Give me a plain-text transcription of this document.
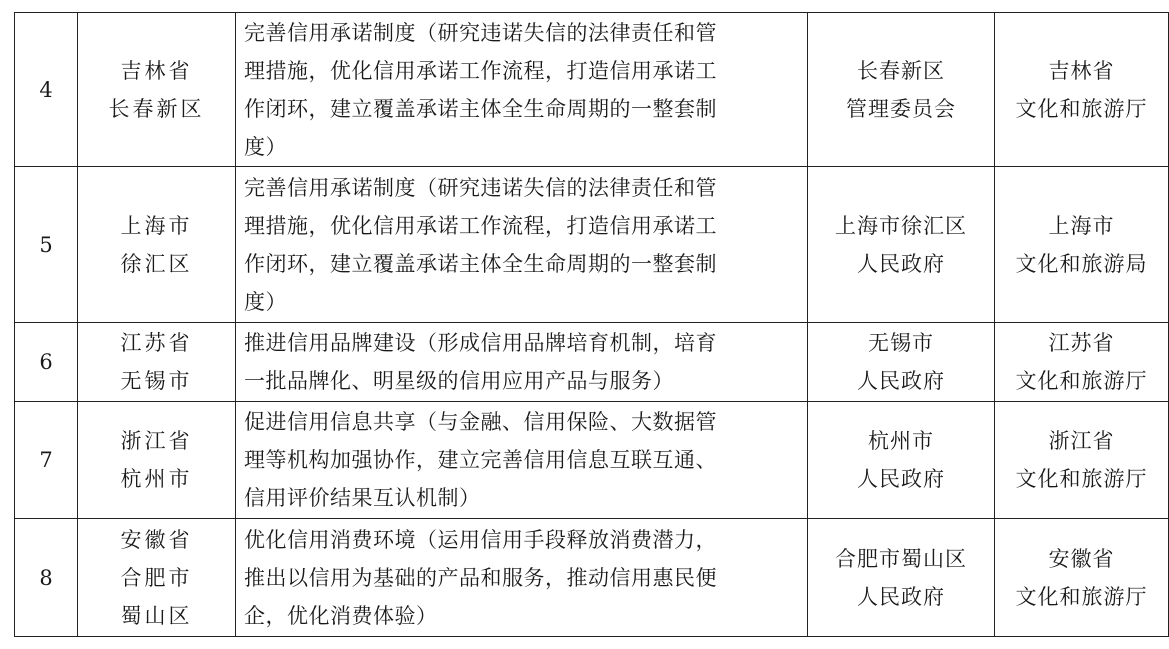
4	吉林省
长春新区	完善信用承诺制度（研究违诺失信的法律责任和管
理措施，优化信用承诺工作流程，打造信用承诺工
作闭环，建立覆盖承诺主体全生命周期的一整套制
度）	长春新区
管理委员会	吉林省
文化和旅游厅

5	上海市
徐汇区	完善信用承诺制度（研究违诺失信的法律责任和管
理措施，优化信用承诺工作流程，打造信用承诺工
作闭环，建立覆盖承诺主体全生命周期的一整套制
度）	上海市徐汇区
人民政府	上海市
文化和旅游局

6	江苏省
无锡市	推进信用品牌建设（形成信用品牌培育机制，培育
一批品牌化、明星级的信用应用产品与服务）	无锡市
人民政府	江苏省
文化和旅游厅

7	浙江省
杭州市	促进信用信息共享（与金融、信用保险、大数据管
理等机构加强协作，建立完善信用信息互联互通、
信用评价结果互认机制）	杭州市
人民政府	浙江省
文化和旅游厅

8	安徽省
合肥市
蜀山区	优化信用消费环境（运用信用手段释放消费潜力，
推出以信用为基础的产品和服务，推动信用惠民便
企，优化消费体验）	合肥市蜀山区
人民政府	安徽省
文化和旅游厅
